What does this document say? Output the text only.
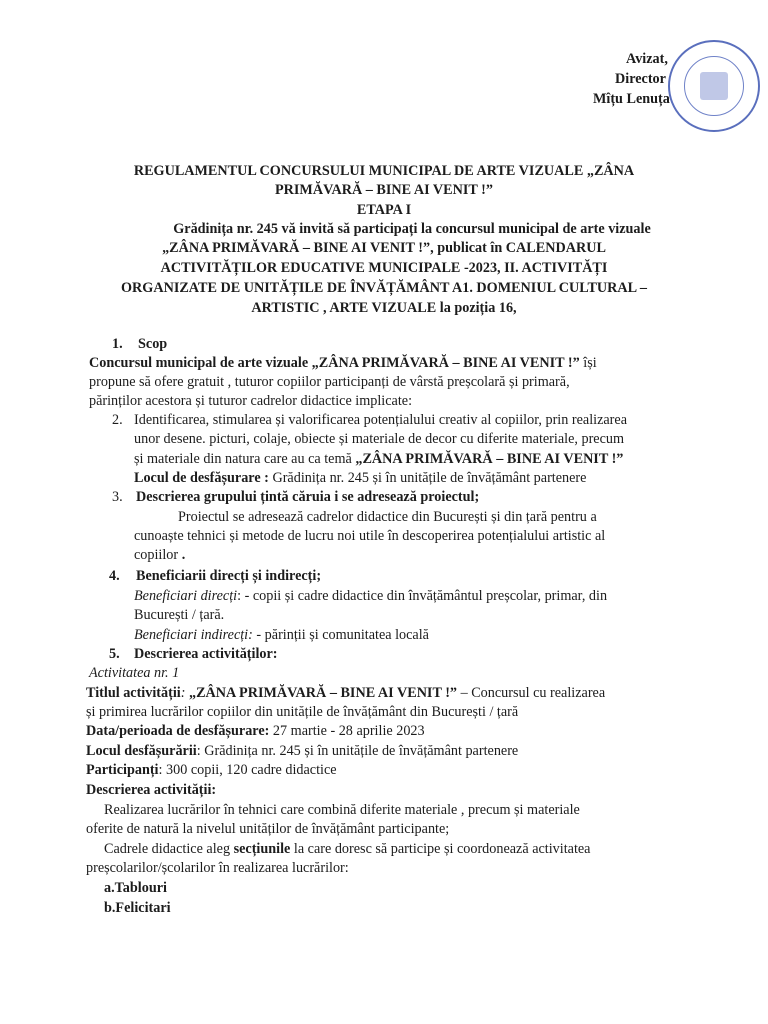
Avizat,
Director
Mîțu Lenuța
REGULAMENTUL CONCURSULUI MUNICIPAL DE ARTE VIZUALE „ZÂNA
PRIMĂVARĂ – BINE AI VENIT !”
ETAPA I
Grădinița nr. 245 vă invită să participați la concursul municipal de arte vizuale
„ZÂNA PRIMĂVARĂ – BINE AI VENIT !”, publicat în CALENDARUL
ACTIVITĂȚILOR EDUCATIVE MUNICIPALE -2023, II. ACTIVITĂȚI
ORGANIZATE DE UNITĂȚILE DE ÎNVĂȚĂMÂNT A1. DOMENIUL CULTURAL –
ARTISTIC , ARTE VIZUALE la poziția 16,
1. Scop
Concursul municipal de arte vizuale „ZÂNA PRIMĂVARĂ – BINE AI VENIT !” își
propune să ofere gratuit , tuturor copiilor participanți de vârstă preșcolară și primară,
părinților acestora și tuturor cadrelor didactice implicate:
2. Identificarea, stimularea și valorificarea potențialului creativ al copiilor, prin realizarea
unor desene. picturi, colaje, obiecte și materiale de decor cu diferite materiale, precum
și materiale din natura care au ca temă „ZÂNA PRIMĂVARĂ – BINE AI VENIT !”
Locul de desfășurare : Grădinița nr. 245 și în unitățile de învățământ partenere
3. Descrierea grupului țintă căruia i se adresează proiectul;
Proiectul se adresează cadrelor didactice din București și din țară pentru a
cunoaște tehnici și metode de lucru noi utile în descoperirea potențialului artistic al
copiilor .
4. Beneficiarii direcți și indirecți;
Beneficiari direcți: - copii și cadre didactice din învățământul preșcolar, primar, din
București / țară.
Beneficiari indirecți: - părinții și comunitatea locală
5. Descrierea activităților:
Activitatea nr. 1
Titlul activității: „ZÂNA PRIMĂVARĂ – BINE AI VENIT !” – Concursul cu realizarea
și primirea lucrărilor copiilor din unitățile de învățământ din București / țară
Data/perioada de desfășurare: 27 martie - 28 aprilie 2023
Locul desfășurării: Grădinița nr. 245 și în unitățile de învățământ partenere
Participanți: 300 copii, 120 cadre didactice
Descrierea activității:
Realizarea lucrărilor în tehnici care combină diferite materiale , precum și materiale
oferite de natură la nivelul unităților de învățământ participante;
Cadrele didactice aleg secțiunile la care doresc să participe și coordonează activitatea
preșcolarilor/școlarilor în realizarea lucrărilor:
a.Tablouri
b.Felicitari
